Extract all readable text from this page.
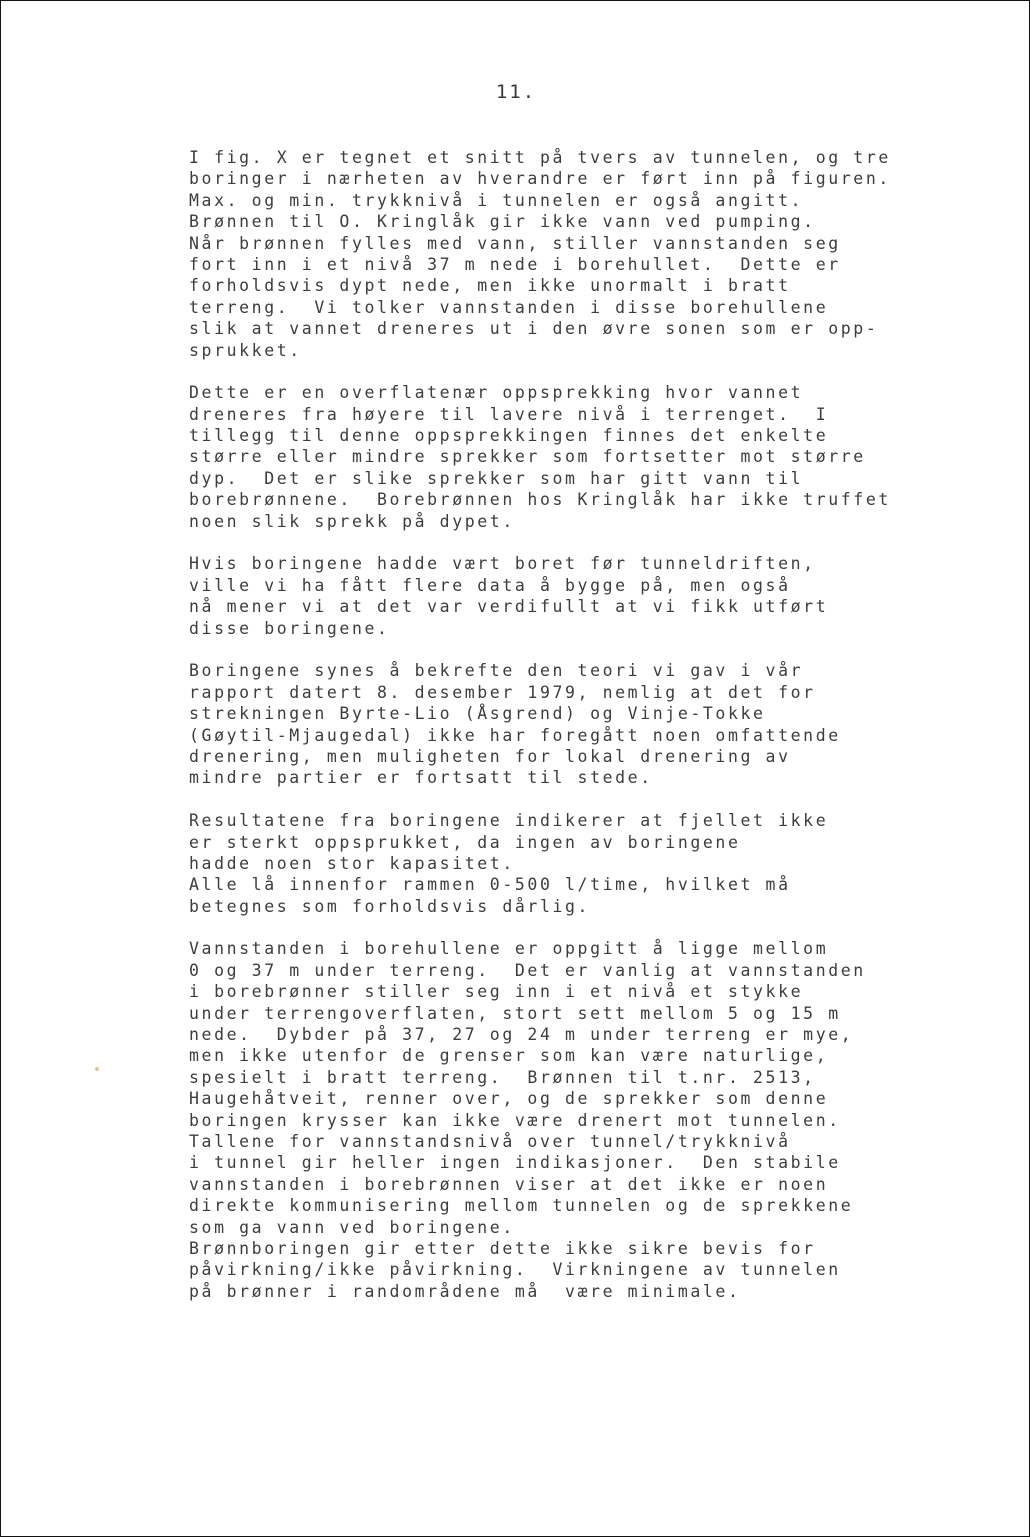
11.
I fig. X er tegnet et snitt på tvers av tunnelen, og tre
boringer i nærheten av hverandre er ført inn på figuren.
Max. og min. trykknivå i tunnelen er også angitt.
Brønnen til O. Kringlåk gir ikke vann ved pumping.
Når brønnen fylles med vann, stiller vannstanden seg
fort inn i et nivå 37 m nede i borehullet.  Dette er
forholdsvis dypt nede, men ikke unormalt i bratt
terreng.  Vi tolker vannstanden i disse borehullene
slik at vannet dreneres ut i den øvre sonen som er opp-
sprukket.
Dette er en overflatenær oppsprekking hvor vannet
dreneres fra høyere til lavere nivå i terrenget.  I
tillegg til denne oppsprekkingen finnes det enkelte
større eller mindre sprekker som fortsetter mot større
dyp.  Det er slike sprekker som har gitt vann til
borebrønnene.  Borebrønnen hos Kringlåk har ikke truffet
noen slik sprekk på dypet.
Hvis boringene hadde vært boret før tunneldriften,
ville vi ha fått flere data å bygge på, men også
nå mener vi at det var verdifullt at vi fikk utført
disse boringene.
Boringene synes å bekrefte den teori vi gav i vår
rapport datert 8. desember 1979, nemlig at det for
strekningen Byrte-Lio (Åsgrend) og Vinje-Tokke
(Gøytil-Mjaugedal) ikke har foregått noen omfattende
drenering, men muligheten for lokal drenering av
mindre partier er fortsatt til stede.
Resultatene fra boringene indikerer at fjellet ikke
er sterkt oppsprukket, da ingen av boringene
hadde noen stor kapasitet.
Alle lå innenfor rammen 0-500 l/time, hvilket må
betegnes som forholdsvis dårlig.
Vannstanden i borehullene er oppgitt å ligge mellom
0 og 37 m under terreng.  Det er vanlig at vannstanden
i borebrønner stiller seg inn i et nivå et stykke
under terrengoverflaten, stort sett mellom 5 og 15 m
nede.  Dybder på 37, 27 og 24 m under terreng er mye,
men ikke utenfor de grenser som kan være naturlige,
spesielt i bratt terreng.  Brønnen til t.nr. 2513,
Haugehåtveit, renner over, og de sprekker som denne
boringen krysser kan ikke være drenert mot tunnelen.
Tallene for vannstandsnivå over tunnel/trykknivå
i tunnel gir heller ingen indikasjoner.  Den stabile
vannstanden i borebrønnen viser at det ikke er noen
direkte kommunisering mellom tunnelen og de sprekkene
som ga vann ved boringene.
Brønnboringen gir etter dette ikke sikre bevis for
påvirkning/ikke påvirkning.  Virkningene av tunnelen
på brønner i randområdene må  være minimale.
